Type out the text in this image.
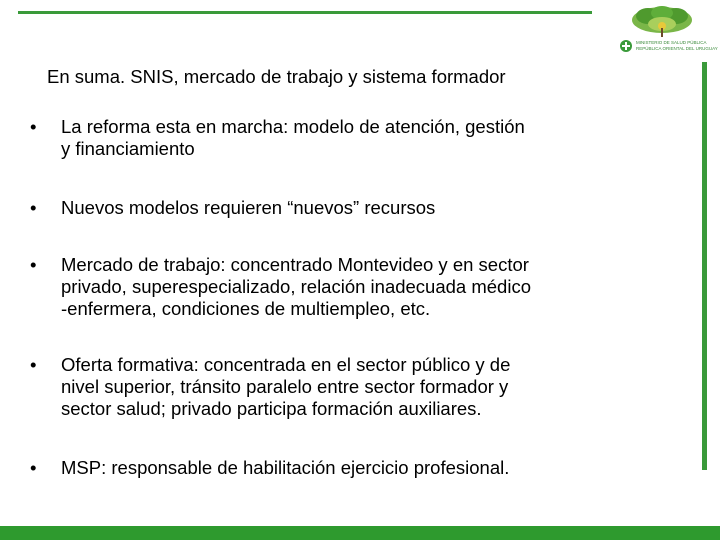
MINISTERIO DE SALUD PÚBLICA
REPÚBLICA ORIENTAL DEL URUGUAY
En suma. SNIS, mercado de trabajo y sistema formador
•	La reforma esta en marcha: modelo de atención, gestión
y financiamiento
•	Nuevos modelos requieren “nuevos” recursos
•	Mercado de trabajo: concentrado Montevideo y en sector
privado, superespecializado, relación inadecuada médico
-enfermera, condiciones de multiempleo, etc.
•	Oferta formativa: concentrada en el sector público y de
nivel superior, tránsito paralelo entre sector formador y
sector salud; privado participa formación auxiliares.
•	MSP: responsable de habilitación ejercicio profesional.
